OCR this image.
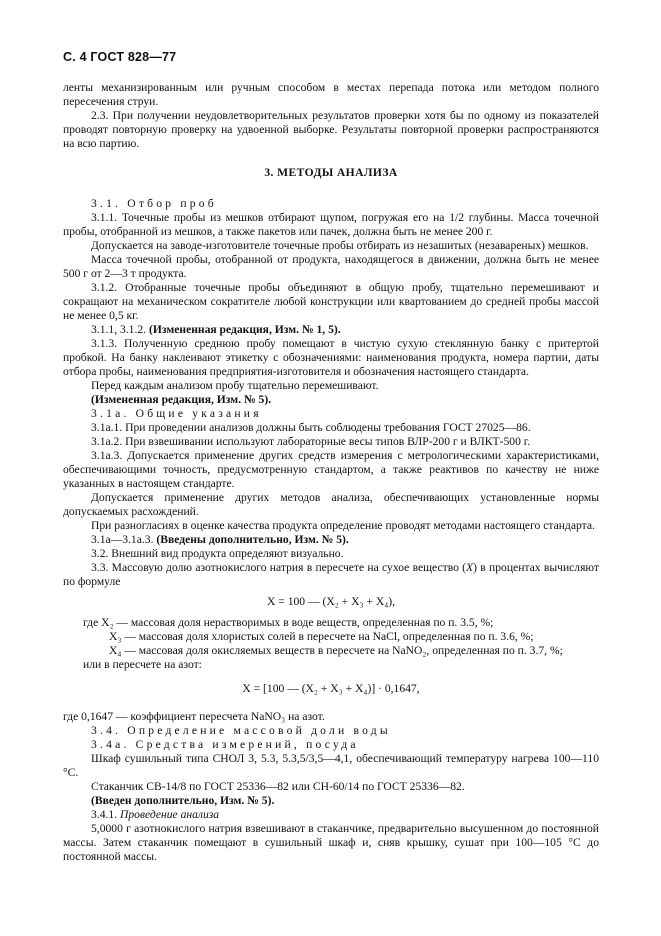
С. 4 ГОСТ 828—77

ленты механизированным или ручным способом в местах перепада потока или методом полного пересечения струи.

2.3. При получении неудовлетворительных результатов проверки хотя бы по одному из показателей проводят повторную проверку на удвоенной выборке. Результаты повторной проверки распространяются на всю партию.

3. МЕТОДЫ АНАЛИЗА

3.1. Отбор проб

3.1.1. Точечные пробы из мешков отбирают щупом, погружая его на 1/2 глубины. Масса точечной пробы, отобранной из мешков, а также пакетов или пачек, должна быть не менее 200 г.

Допускается на заводе-изготовителе точечные пробы отбирать из незашитых (незавареных) мешков.

Масса точечной пробы, отобранной от продукта, находящегося в движении, должна быть не менее 500 г от 2—3 т продукта.

3.1.2. Отобранные точечные пробы объединяют в общую пробу, тщательно перемешивают и сокращают на механическом сократителе любой конструкции или квартованием до средней пробы массой не менее 0,5 кг.

3.1.1, 3.1.2. (Измененная редакция, Изм. № 1, 5).

3.1.3. Полученную среднюю пробу помещают в чистую сухую стеклянную банку с притертой пробкой. На банку наклеивают этикетку с обозначениями: наименования продукта, номера партии, даты отбора пробы, наименования предприятия-изготовителя и обозначения настоящего стандарта.

Перед каждым анализом пробу тщательно перемешивают.

(Измененная редакция, Изм. № 5).

3.1а. Общие указания

3.1а.1. При проведении анализов должны быть соблюдены требования ГОСТ 27025—86.

3.1а.2. При взвешивании используют лабораторные весы типов ВЛР-200 г и ВЛКТ-500 г.

3.1а.3. Допускается применение других средств измерения с метрологическими характеристиками, обеспечивающими точность, предусмотренную стандартом, а также реактивов по качеству не ниже указанных в настоящем стандарте.

Допускается применение других методов анализа, обеспечивающих установленные нормы допускаемых расхождений.

При разногласиях в оценке качества продукта определение проводят методами настоящего стандарта.

3.1а—3.1а.3. (Введены дополнительно, Изм. № 5).

3.2. Внешний вид продукта определяют визуально.

3.3. Массовую долю азотнокислого натрия в пересчете на сухое вещество (X) в процентах вычисляют по формуле

X = 100 — (X₂ + X₃ + X₄),

где X₂ — массовая доля нерастворимых в воде веществ, определенная по п. 3.5, %;

X₃ — массовая доля хлористых солей в пересчете на NaCl, определенная по п. 3.6, %;

X₄ — массовая доля окисляемых веществ в пересчете на NaNO₂, определенная по п. 3.7, %;

или в пересчете на азот:

X = [100 — (X₂ + X₃ + X₄)] · 0,1647,

где 0,1647 — коэффициент пересчета NaNO₃ на азот.

3.4. Определение массовой доли воды

3.4а. Средства измерений, посуда

Шкаф сушильный типа СНОЛ 3, 5.3, 5.3,5/3,5—4,1, обеспечивающий температуру нагрева 100—110 °С.

Стаканчик СВ-14/8 по ГОСТ 25336—82 или СН-60/14 по ГОСТ 25336—82.

(Введен дополнительно, Изм. № 5).

3.4.1. Проведение анализа

5,0000 г азотнокислого натрия взвешивают в стаканчике, предварительно высушенном до постоянной массы. Затем стаканчик помещают в сушильный шкаф и, сняв крышку, сушат при 100—105 °С до постоянной массы.
